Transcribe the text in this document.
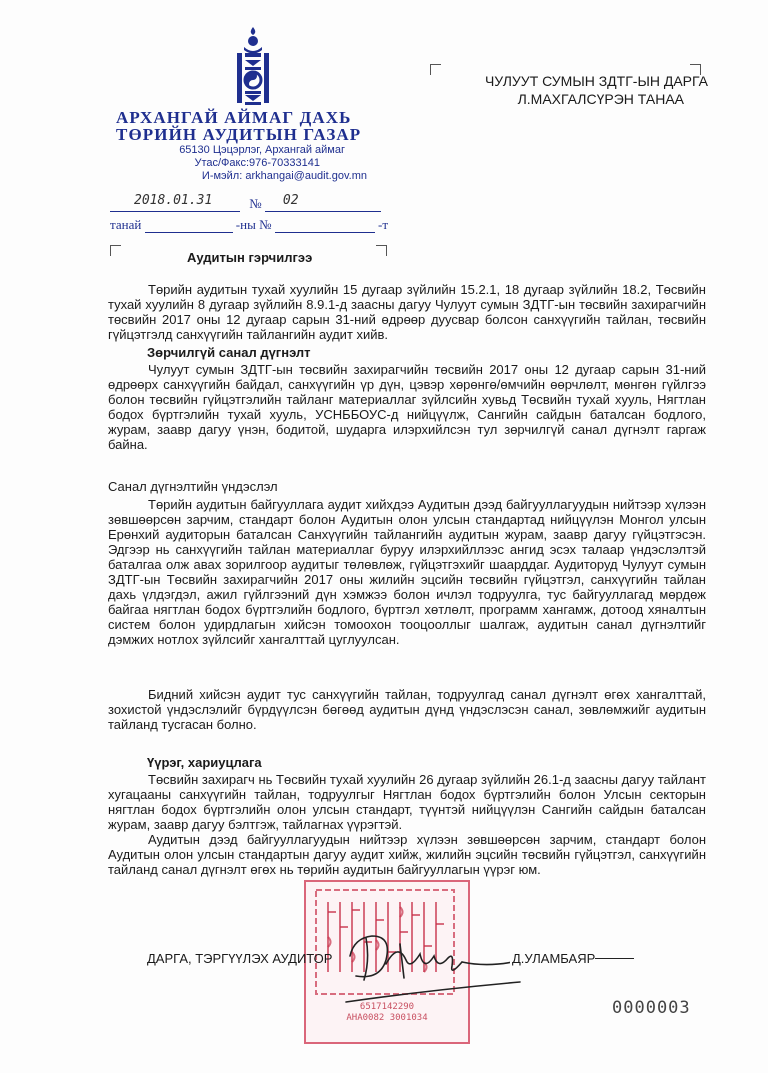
АРХАНГАЙ АЙМАГ ДАХЬ
ТӨРИЙН АУДИТЫН ГАЗАР
65130 Цэцэрлэг, Архангай аймаг
Утас/Факс:976-70333141
И-мэйл: arkhangai@audit.gov.mn
ЧУЛУУТ СУМЫН ЗДТГ-ЫН ДАРГА
Л.МАХГАЛСҮРЭН ТАНАА
2018.01.31	№ 02
танай	-ны №	-т
Аудитын гэрчилгээ
Төрийн аудитын тухай хуулийн 15 дугаар зүйлийн 15.2.1, 18 дугаар зүйлийн 18.2, Төсвийн тухай хуулийн 8 дугаар зүйлийн 8.9.1-д заасны дагуу Чулуут сумын ЗДТГ-ын төсвийн захирагчийн төсвийн 2017 оны 12 дугаар сарын 31-ний өдрөөр дуусвар болсон санхүүгийн тайлан, төсвийн гүйцэтгэлд санхүүгийн тайлангийн аудит хийв.
Зөрчилгүй санал дүгнэлт
Чулуут сумын ЗДТГ-ын төсвийн захирагчийн төсвийн 2017 оны 12 дугаар сарын 31-ний өдрөөрх санхүүгийн байдал, санхүүгийн үр дүн, цэвэр хөрөнгө/өмчийн өөрчлөлт, мөнгөн гүйлгээ болон төсвийн гүйцэтгэлийн тайланг материаллаг зүйлсийн хувьд Төсвийн тухай хууль, Нягтлан бодох бүртгэлийн тухай хууль, УСНББОУС-д нийцүүлж, Сангийн сайдын баталсан бодлого, журам, заавр дагуу үнэн, бодитой, шударга илэрхийлсэн тул зөрчилгүй санал дүгнэлт гаргаж байна.
Санал дүгнэлтийн үндэслэл
Төрийн аудитын байгууллага аудит хийхдээ Аудитын дээд байгууллагуудын нийтээр хүлээн зөвшөөрсөн зарчим, стандарт болон Аудитын олон улсын стандартад нийцүүлэн Монгол улсын Ерөнхий аудиторын баталсан Санхүүгийн тайлангийн аудитын журам, заавр дагуу гүйцэтгэсэн. Эдгээр нь санхүүгийн тайлан материаллаг буруу илэрхийллээс ангид эсэх талаар үндэслэлтэй баталгаа олж авах зорилгоор аудитыг төлөвлөж, гүйцэтгэхийг шаарддаг. Аудиторуд Чулуут сумын ЗДТГ-ын Төсвийн захирагчийн 2017 оны жилийн эцсийн төсвийн гүйцэтгэл, санхүүгийн тайлан дахь үлдэгдэл, ажил гүйлгээний дүн хэмжээ болон ичлэл тодруулга, тус байгууллагад мөрдөж байгаа нягтлан бодох бүртгэлийн бодлого, бүртгэл хөтлөлт, программ хангамж, дотоод хяналтын систем болон удирдлагын хийсэн томоохон тооцооллыг шалгаж, аудитын санал дүгнэлтийг дэмжих нотлох зүйлсийг хангалттай цуглуулсан.
Бидний хийсэн аудит тус санхүүгийн тайлан, тодруулгад санал дүгнэлт өгөх хангалттай, зохистой үндэслэлийг бүрдүүлсэн бөгөөд аудитын дүнд үндэслэсэн санал, зөвлөмжийг аудитын тайланд тусгасан болно.
Үүрэг, хариуцлага
Төсвийн захирагч нь Төсвийн тухай хуулийн 26 дугаар зүйлийн 26.1-д заасны дагуу тайлант хугацааны санхүүгийн тайлан, тодруулгыг Нягтлан бодох бүртгэлийн болон Улсын секторын нягтлан бодох бүртгэлийн олон улсын стандарт, түүнтэй нийцүүлэн Сангийн сайдын баталсан журам, заавр дагуу бэлтгэж, тайлагнах үүрэгтэй.
Аудитын дээд байгууллагуудын нийтээр хүлээн зөвшөөрсөн зарчим, стандарт болон Аудитын олон улсын стандартын дагуу аудит хийж, жилийн эцсийн төсвийн гүйцэтгэл, санхүүгийн тайланд санал дүгнэлт өгөх нь төрийн аудитын байгууллагын үүрэг юм.
6517142290
АНА0082 3001034
ДАРГА, ТЭРГҮҮЛЭХ АУДИТОР	Д.УЛАМБАЯР
0000003
